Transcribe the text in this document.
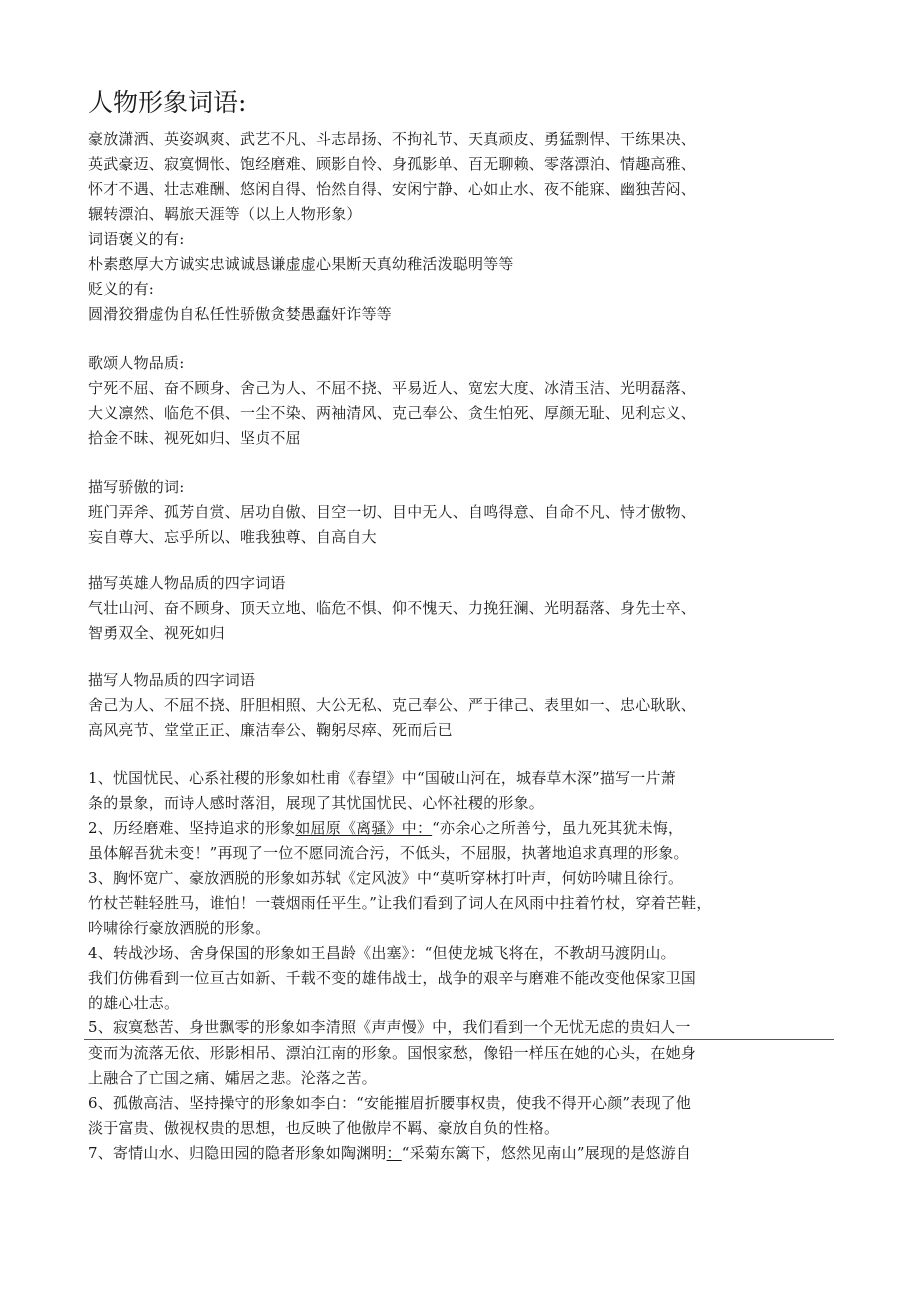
人物形象词语:
豪放潇洒、英姿飒爽、武艺不凡、斗志昂扬、不拘礼节、天真顽皮、勇猛剽悍、干练果决、
英武豪迈、寂寞惆怅、饱经磨难、顾影自怜、身孤影单、百无聊赖、零落漂泊、情趣高雅、
怀才不遇、壮志难酬、悠闲自得、怡然自得、安闲宁静、心如止水、夜不能寐、幽独苦闷、
辗转漂泊、羁旅天涯等（以上人物形象）
词语褒义的有:
朴素憨厚大方诚实忠诚诚恳谦虚虚心果断天真幼稚活泼聪明等等
贬义的有:
圆滑狡猾虚伪自私任性骄傲贪婪愚蠢奸诈等等
歌颂人物品质:
宁死不屈、奋不顾身、舍己为人、不屈不挠、平易近人、宽宏大度、冰清玉洁、光明磊落、
大义凛然、临危不俱、一尘不染、两袖清风、克己奉公、贪生怕死、厚颜无耻、见利忘义、
拾金不昧、视死如归、坚贞不屈
描写骄傲的词:
班门弄斧、孤芳自赏、居功自傲、目空一切、目中无人、自鸣得意、自命不凡、恃才傲物、
妄自尊大、忘乎所以、唯我独尊、自高自大
描写英雄人物品质的四字词语
气壮山河、奋不顾身、顶天立地、临危不惧、仰不愧天、力挽狂澜、光明磊落、身先士卒、
智勇双全、视死如归
描写人物品质的四字词语
舍己为人、不屈不挠、肝胆相照、大公无私、克己奉公、严于律己、表里如一、忠心耿耿、
高风亮节、堂堂正正、廉洁奉公、鞠躬尽瘁、死而后已
1、忧国忧民、心系社稷的形象如杜甫《春望》中“国破山河在，城春草木深”描写一片萧
条的景象，而诗人感时落泪，展现了其忧国忧民、心怀社稷的形象。
2、历经磨难、坚持追求的形象如屈原《离骚》中：“亦余心之所善兮，虽九死其犹未悔，
虽体解吾犹未变！”再现了一位不愿同流合污，不低头，不屈服，执著地追求真理的形象。
3、胸怀宽广、豪放洒脱的形象如苏轼《定风波》中“莫听穿林打叶声，何妨吟啸且徐行。
竹杖芒鞋轻胜马，谁怕！一蓑烟雨任平生。”让我们看到了词人在风雨中拄着竹杖，穿着芒鞋，
吟啸徐行豪放洒脱的形象。
4、转战沙场、舍身保国的形象如王昌龄《出塞》：“但使龙城飞将在，不教胡马渡阴山。
我们仿佛看到一位亘古如新、千载不变的雄伟战士，战争的艰辛与磨难不能改变他保家卫国
的雄心壮志。
5、寂寞愁苦、身世飘零的形象如李清照《声声慢》中，我们看到一个无忧无虑的贵妇人一
变而为流落无依、形影相吊、漂泊江南的形象。国恨家愁，像铅一样压在她的心头，在她身
上融合了亡国之痛、孀居之悲。沦落之苦。
6、孤傲高洁、坚持操守的形象如李白：“安能摧眉折腰事权贵，使我不得开心颜”表现了他
淡于富贵、傲视权贵的思想，也反映了他傲岸不羁、豪放自负的性格。
7、寄情山水、归隐田园的隐者形象如陶渊明：“采菊东篱下，悠然见南山”展现的是悠游自
